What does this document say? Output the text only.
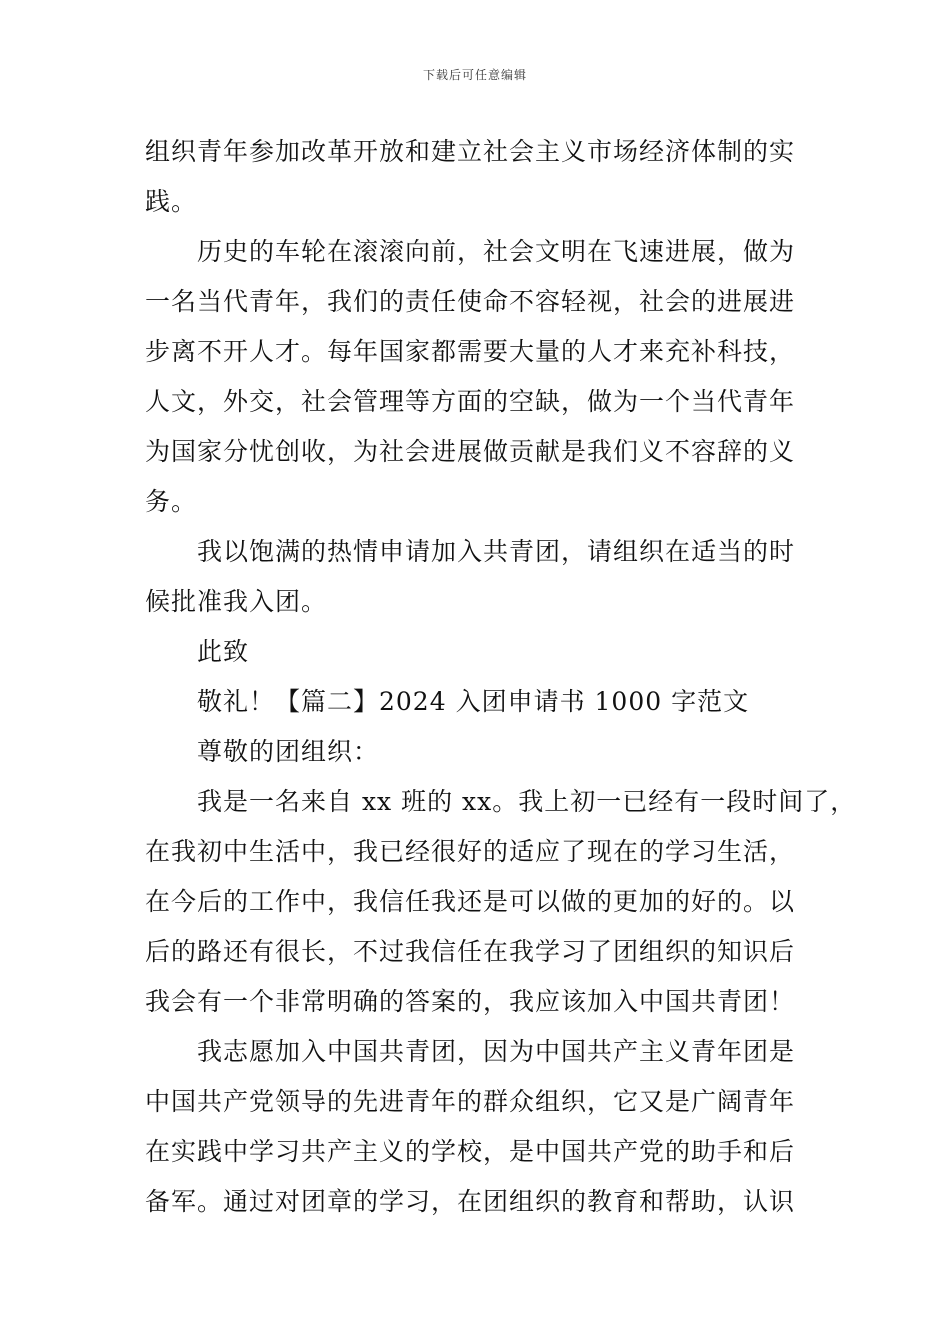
下载后可任意编辑
组织青年参加改革开放和建立社会主义市场经济体制的实
践。
历史的车轮在滚滚向前，社会文明在飞速进展，做为
一名当代青年，我们的责任使命不容轻视，社会的进展进
步离不开人才。每年国家都需要大量的人才来充补科技，
人文，外交，社会管理等方面的空缺，做为一个当代青年
为国家分忧创收，为社会进展做贡献是我们义不容辞的义
务。
我以饱满的热情申请加入共青团，请组织在适当的时
候批准我入团。
此致
敬礼！【篇二】2024 入团申请书 1000 字范文
尊敬的团组织：
我是一名来自 xx 班的 xx。我上初一已经有一段时间了，
在我初中生活中，我已经很好的适应了现在的学习生活，
在今后的工作中，我信任我还是可以做的更加的好的。以
后的路还有很长，不过我信任在我学习了团组织的知识后
我会有一个非常明确的答案的，我应该加入中国共青团！
我志愿加入中国共青团，因为中国共产主义青年团是
中国共产党领导的先进青年的群众组织，它又是广阔青年
在实践中学习共产主义的学校，是中国共产党的助手和后
备军。通过对团章的学习，在团组织的教育和帮助，认识
